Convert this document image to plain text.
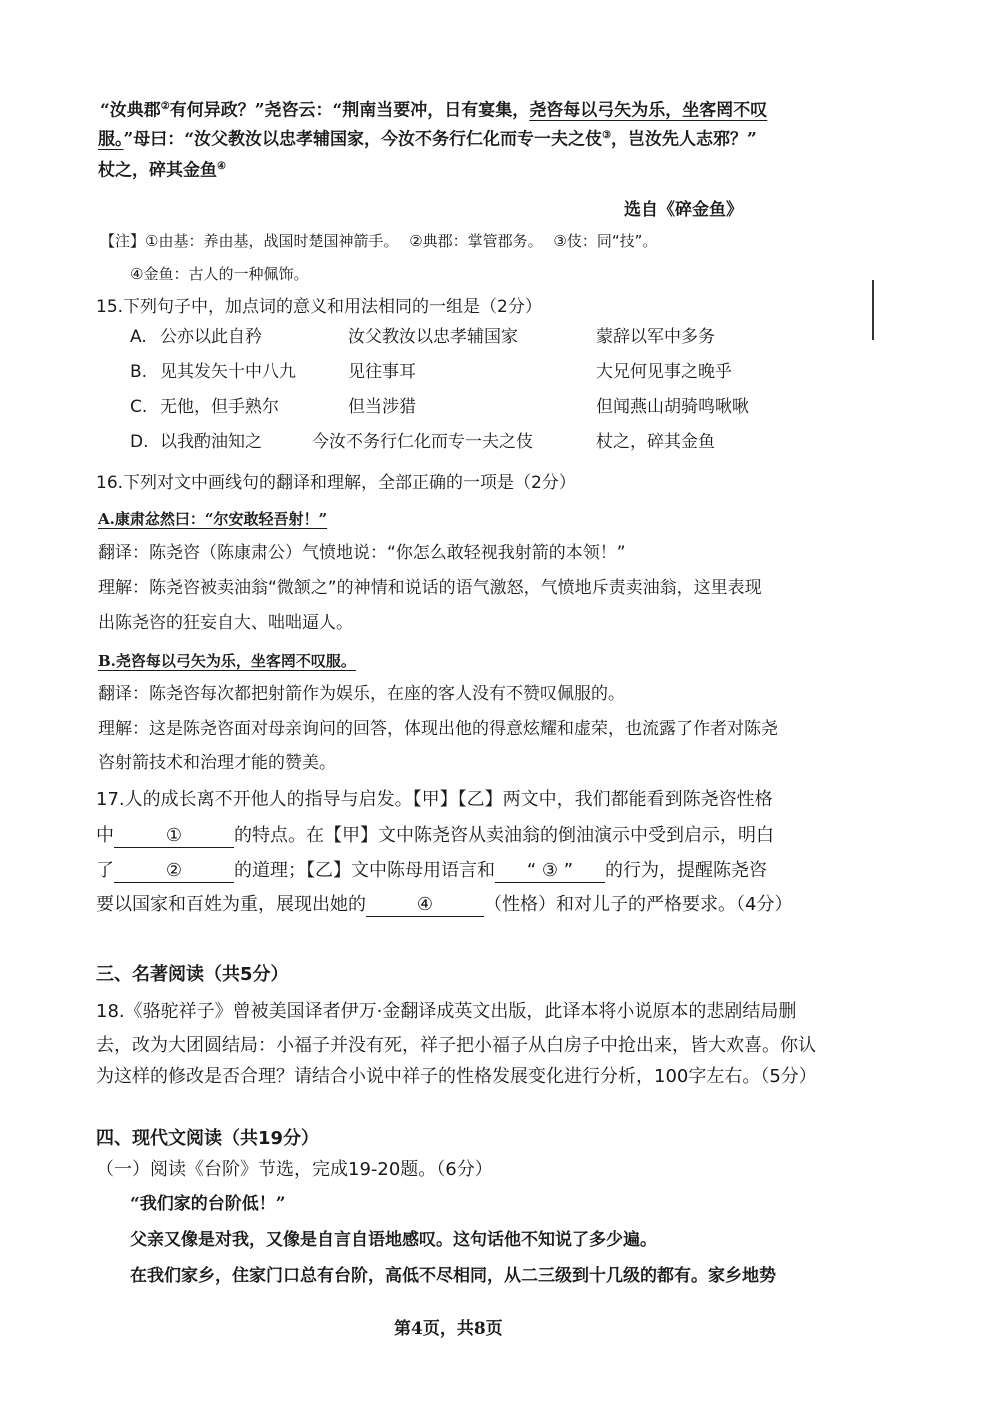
“汝典郡②有何异政？”尧咨云：“荆南当要冲，日有宴集，尧咨每以弓矢为乐，坐客罔不叹
服。”母曰：“汝父教汝以忠孝辅国家，今汝不务行仁化而专一夫之伎③，岂汝先人志邪？”
杖之，碎其金鱼④
选自《碎金鱼》
【注】①由基：养由基，战国时楚国神箭手。 ②典郡：掌管郡务。 ③伎：同“技”。
④金鱼：古人的一种佩饰。
15.下列句子中，加点词的意义和用法相同的一组是（2分）
A. 公亦以此自矜	汝父教汝以忠孝辅国家	蒙辞以军中多务
B. 见其发矢十中八九	见往事耳	大兄何见事之晚乎
C. 无他，但手熟尔	但当涉猎	但闻燕山胡骑鸣啾啾
D. 以我酌油知之	今汝不务行仁化而专一夫之伎	杖之，碎其金鱼
16.下列对文中画线句的翻译和理解，全部正确的一项是（2分）
A.康肃忿然曰：“尔安敢轻吾射！”
翻译：陈尧咨（陈康肃公）气愤地说：“你怎么敢轻视我射箭的本领！”
理解：陈尧咨被卖油翁“微颔之”的神情和说话的语气激怒，气愤地斥责卖油翁，这里表现
出陈尧咨的狂妄自大、咄咄逼人。
B.尧咨每以弓矢为乐，坐客罔不叹服。
翻译：陈尧咨每次都把射箭作为娱乐，在座的客人没有不赞叹佩服的。
理解：这是陈尧咨面对母亲询问的回答，体现出他的得意炫耀和虚荣，也流露了作者对陈尧
咨射箭技术和治理才能的赞美。
17.人的成长离不开他人的指导与启发。【甲】【乙】两文中，我们都能看到陈尧咨性格
中	①	的特点。在【甲】文中陈尧咨从卖油翁的倒油演示中受到启示，明白
了	②	的道理；【乙】文中陈母用语言和 “ ③ ” 的行为，提醒陈尧咨
要以国家和百姓为重，展现出她的	④	（性格）和对儿子的严格要求。（4分）
三、名著阅读（共5分）
18.《骆驼祥子》曾被美国译者伊万·金翻译成英文出版，此译本将小说原本的悲剧结局删
去，改为大团圆结局：小福子并没有死，祥子把小福子从白房子中抢出来，皆大欢喜。你认
为这样的修改是否合理？请结合小说中祥子的性格发展变化进行分析，100字左右。（5分）
四、现代文阅读（共19分）
（一）阅读《台阶》节选，完成19-20题。（6分）
“我们家的台阶低！”
父亲又像是对我，又像是自言自语地感叹。这句话他不知说了多少遍。
在我们家乡，住家门口总有台阶，高低不尽相同，从二三级到十几级的都有。家乡地势
第4页，共8页
